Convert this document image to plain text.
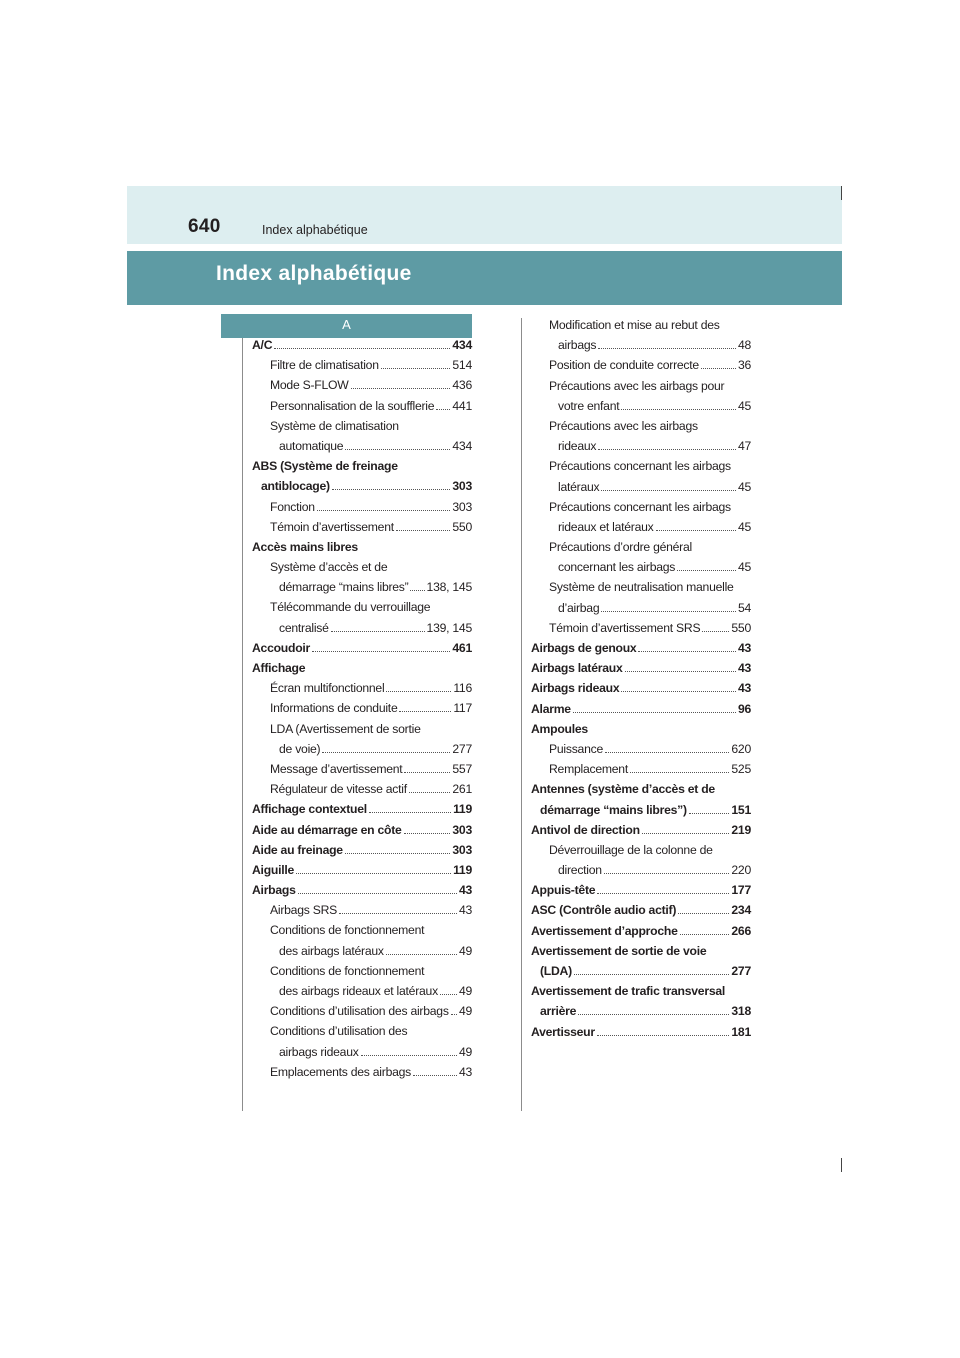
640	Index alphabétique
Index alphabétique
A
A/C	434
Filtre de climatisation	514
Mode S-FLOW	436
Personnalisation de la soufflerie 441
Système de climatisation
automatique	434
ABS (Système de freinage
antiblocage)	303
Fonction	303
Témoin d’avertissement	550
Accès mains libres
Système d’accès et de
démarrage “mains libres” 138, 145
Télécommande du verrouillage
centralisé	139, 145
Accoudoir	461
Affichage
Écran multifonctionnel	116
Informations de conduite	117
LDA (Avertissement de sortie
de voie)	277
Message d’avertissement	557
Régulateur de vitesse actif	261
Affichage contextuel	119
Aide au démarrage en côte	303
Aide au freinage	303
Aiguille	119
Airbags	43
Airbags SRS	43
Conditions de fonctionnement
des airbags latéraux	49
Conditions de fonctionnement
des airbags rideaux et latéraux 49
Conditions d’utilisation des airbags 49
Conditions d’utilisation des
airbags rideaux	49
Emplacements des airbags	43
Modification et mise au rebut des
airbags	48
Position de conduite correcte	36
Précautions avec les airbags pour
votre enfant	45
Précautions avec les airbags
rideaux	47
Précautions concernant les airbags
latéraux	45
Précautions concernant les airbags
rideaux et latéraux	45
Précautions d’ordre général
concernant les airbags	45
Système de neutralisation manuelle
d’airbag	54
Témoin d’avertissement SRS	550
Airbags de genoux	43
Airbags latéraux	43
Airbags rideaux	43
Alarme	96
Ampoules
Puissance	620
Remplacement	525
Antennes (système d’accès et de
démarrage “mains libres”)	151
Antivol de direction	219
Déverrouillage de la colonne de
direction	220
Appuis-tête	177
ASC (Contrôle audio actif)	234
Avertissement d’approche	266
Avertissement de sortie de voie
(LDA)	277
Avertissement de trafic transversal
arrière	318
Avertisseur	181
